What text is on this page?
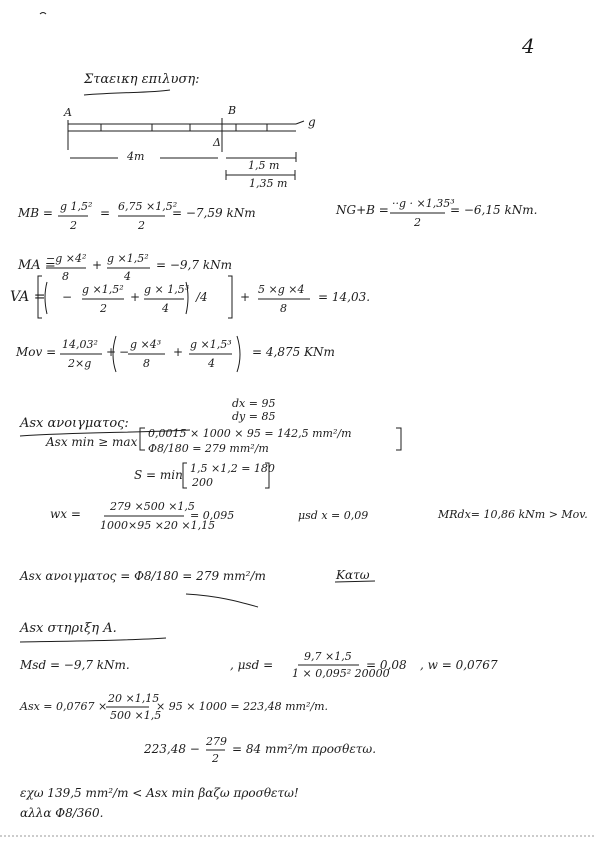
4
Σταεικη επιλυση:
A	B
g
Δ
4m
1,5 m
1,35 m
MB = g 1,5²
2
= 6,75 ×1,5²
2
= −7,59 kNm	NG+B = ··g · ×1,35³
2
= −6,15 kNm.
MA =
−g ×4²
8
+ g ×1,5²
4
= −9,7 kNm
VA = −
g ×1,5²
2
+
g × 1,5³
4
/4	+
5 ×g ×4
8
= 14,03.
Mov =
14,03²
2×g
+ −
g ×4³
8
+
g ×1,5³
4
= 4,875 KNm
dx = 95
dy = 85
Asx ανοιγματος:
Asx min ≥ max
0,0015 × 1000 × 95 = 142,5 mm²/m
Φ8/180 = 279 mm²/m
S = min 1,5 ×1,2 = 180
200
wx =
279 ×500 ×1,5
1000×95 ×20 ×1,15
= 0,095	μsd x = 0,09	MRdx= 10,86 kNm > Mov.
Asx ανοιγματος = Φ8/180 = 279 mm²/m	Κατω
Asx στηριξη A.
Msd = −9,7 kNm.	, μsd =
9,7 ×1,5
1 × 0,095² 20000
= 0,08 , w = 0,0767
Asx = 0,0767 ×
20 ×1,15
500 ×1,5
× 95 × 1000 = 223,48 mm²/m.
223,48 −
279
2
= 84 mm²/m προσθετω.
εχω 139,5 mm²/m < Asx min βαζω προσθετω!
αλλα Φ8/360.
